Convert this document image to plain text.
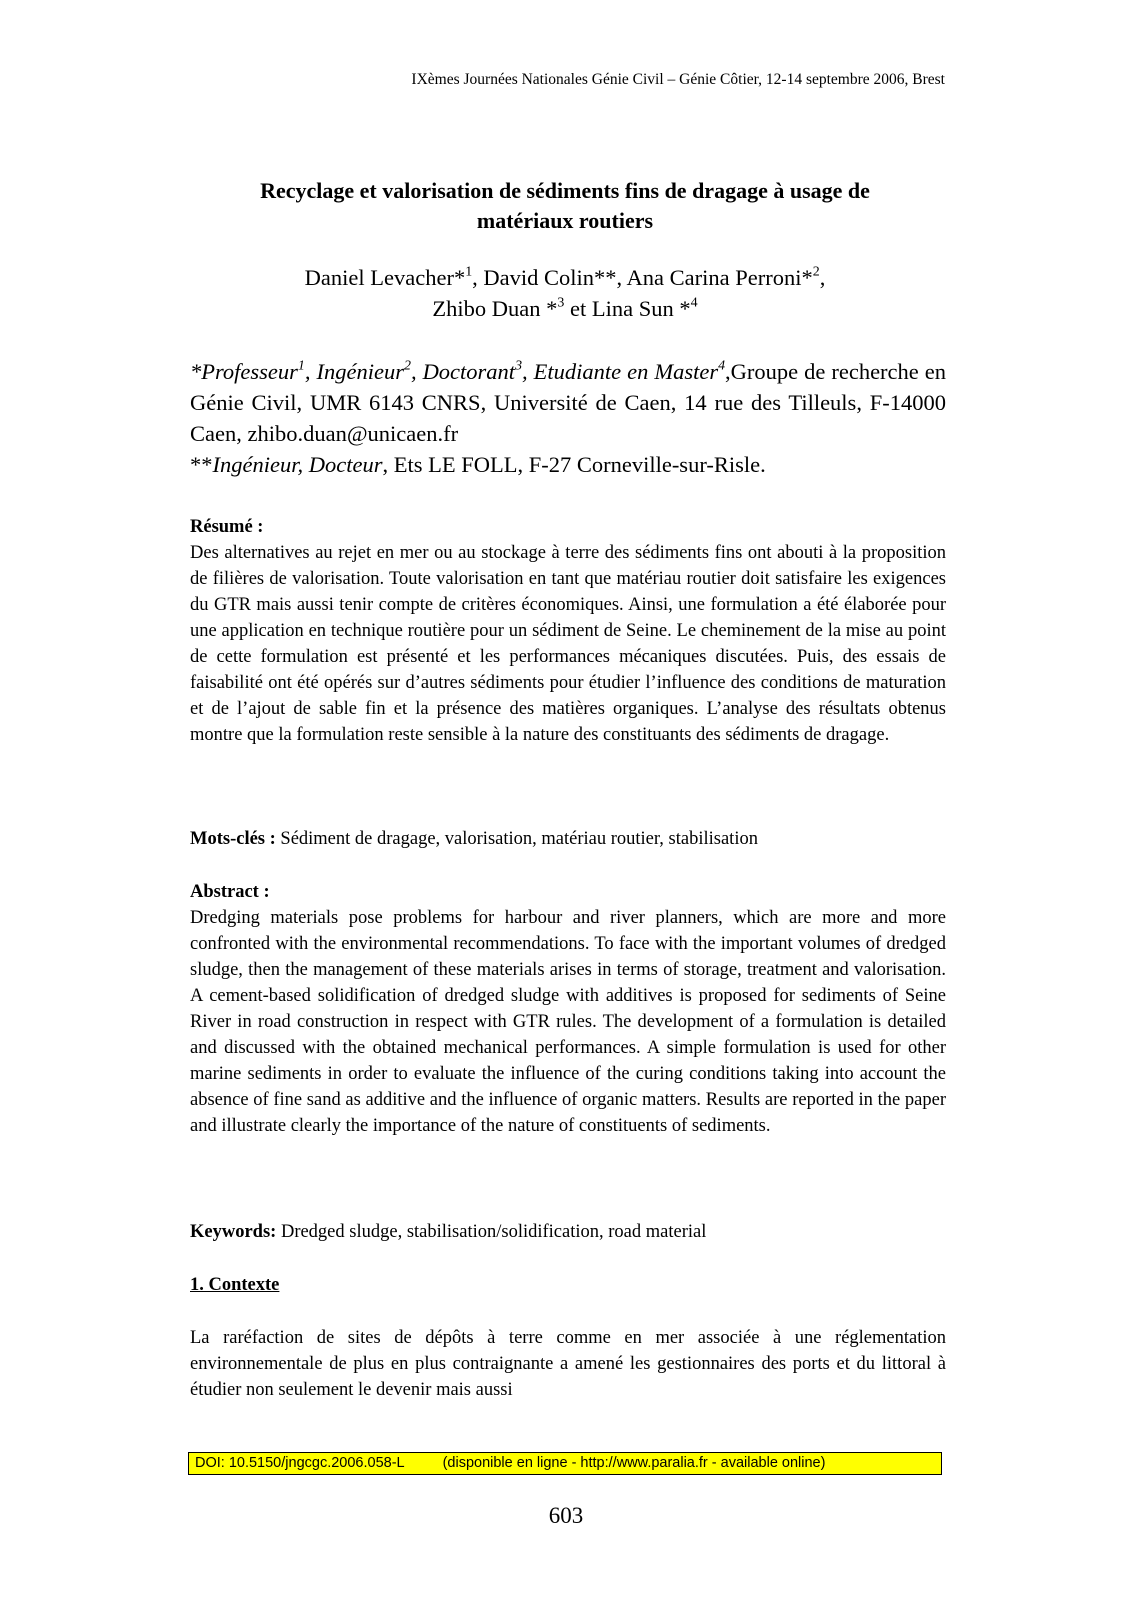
IXèmes Journées Nationales Génie Civil – Génie Côtier, 12-14 septembre 2006, Brest
Recyclage et valorisation de sédiments fins de dragage à usage de
matériaux routiers
Daniel Levacher*$^1$, David Colin**, Ana Carina Perroni*$^2$,
Zhibo Duan *$^3$ et Lina Sun *$^4$

*Professeur$^1$, Ingénieur$^2$, Doctorant$^3$, Etudiante en Master$^4$,Groupe de recherche en Génie Civil, UMR 6143 CNRS, Université de Caen, 14 rue des Tilleuls, F-14000 Caen, zhibo.duan@unicaen.fr

**Ingénieur, Docteur, Ets LE FOLL, F-27 Corneville-sur-Risle.

Résumé :

Des alternatives au rejet en mer ou au stockage à terre des sédiments fins ont abouti à la proposition de filières de valorisation. Toute valorisation en tant que matériau routier doit satisfaire les exigences du GTR mais aussi tenir compte de critères économiques. Ainsi, une formulation a été élaborée pour une application en technique routière pour un sédiment de Seine. Le cheminement de la mise au point de cette formulation est présenté et les performances mécaniques discutées. Puis, des essais de faisabilité ont été opérés sur d’autres sédiments pour étudier l’influence des conditions de maturation et de l’ajout de sable fin et la présence des matières organiques. L’analyse des résultats obtenus montre que la formulation reste sensible à la nature des constituants des sédiments de dragage.

Mots-clés : Sédiment de dragage, valorisation, matériau routier, stabilisation
Abstract :

Dredging materials pose problems for harbour and river planners, which are more and more confronted with the environmental recommendations. To face with the important volumes of dredged sludge, then the management of these materials arises in terms of storage, treatment and valorisation. A cement-based solidification of dredged sludge with additives is proposed for sediments of Seine River in road construction in respect with GTR rules. The development of a formulation is detailed and discussed with the obtained mechanical performances. A simple formulation is used for other marine sediments in order to evaluate the influence of the curing conditions taking into account the absence of fine sand as additive and the influence of organic matters. Results are reported in the paper and illustrate clearly the importance of the nature of constituents of sediments.

Keywords: Dredged sludge, stabilisation/solidification, road material
1. Contexte

La raréfaction de sites de dépôts à terre comme en mer associée à une réglementation environnementale de plus en plus contraignante a amené les gestionnaires des ports et du littoral à étudier non seulement le devenir mais aussi

DOI: 10.5150/jngcgc.2006.058-L	(disponible en ligne - http://www.paralia.fr - available online)
603
